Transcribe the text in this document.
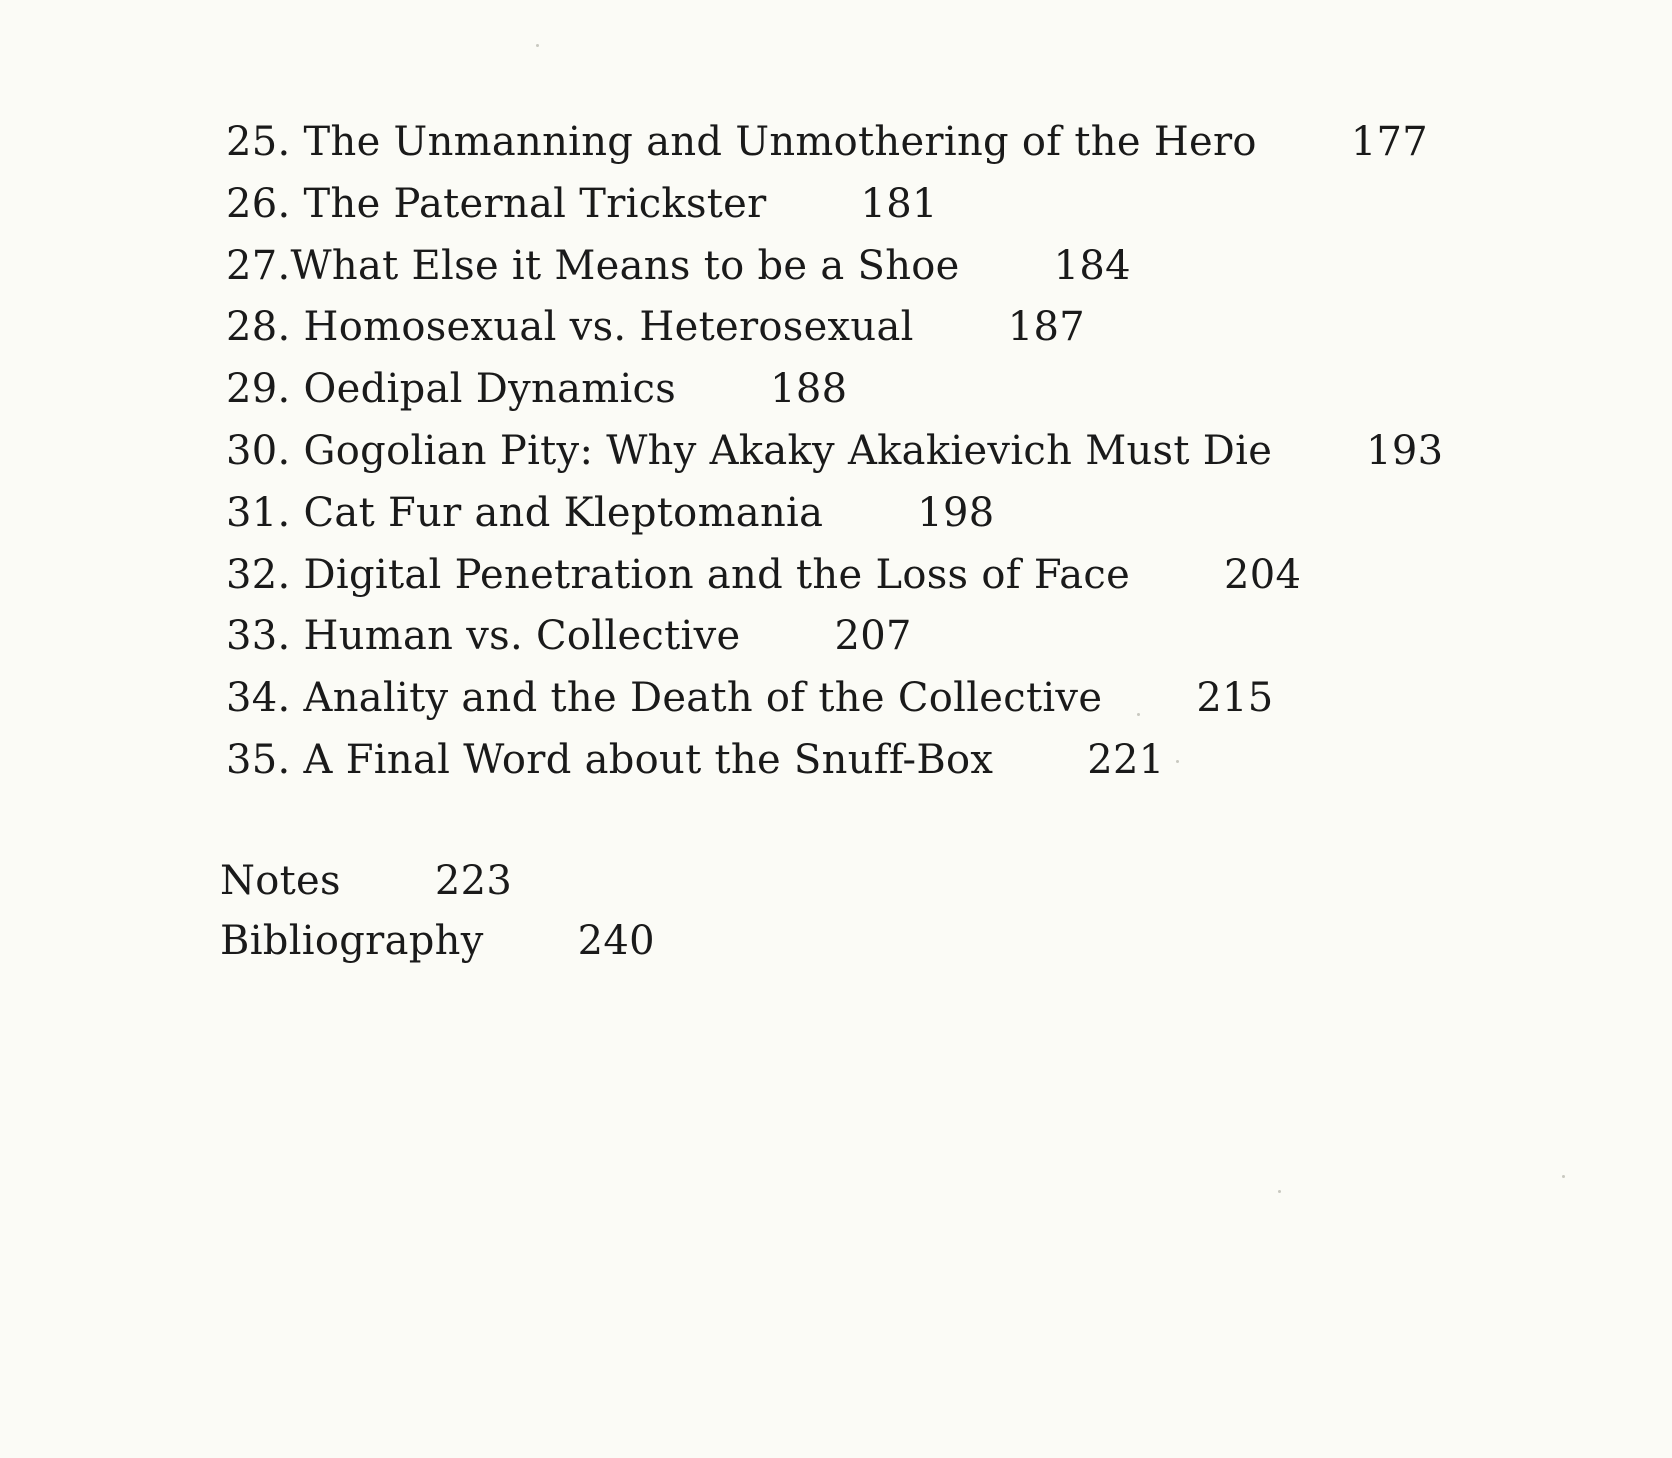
25. The Unmanning and Unmothering of the Hero 177
26. The Paternal Trickster 181
27.What Else it Means to be a Shoe 184
28. Homosexual vs. Heterosexual 187
29. Oedipal Dynamics 188
30. Gogolian Pity: Why Akaky Akakievich Must Die 193
31. Cat Fur and Kleptomania 198
32. Digital Penetration and the Loss of Face 204
33. Human vs. Collective 207
34. Anality and the Death of the Collective 215
35. A Final Word about the Snuff-Box 221
Notes 223
Bibliography 240
